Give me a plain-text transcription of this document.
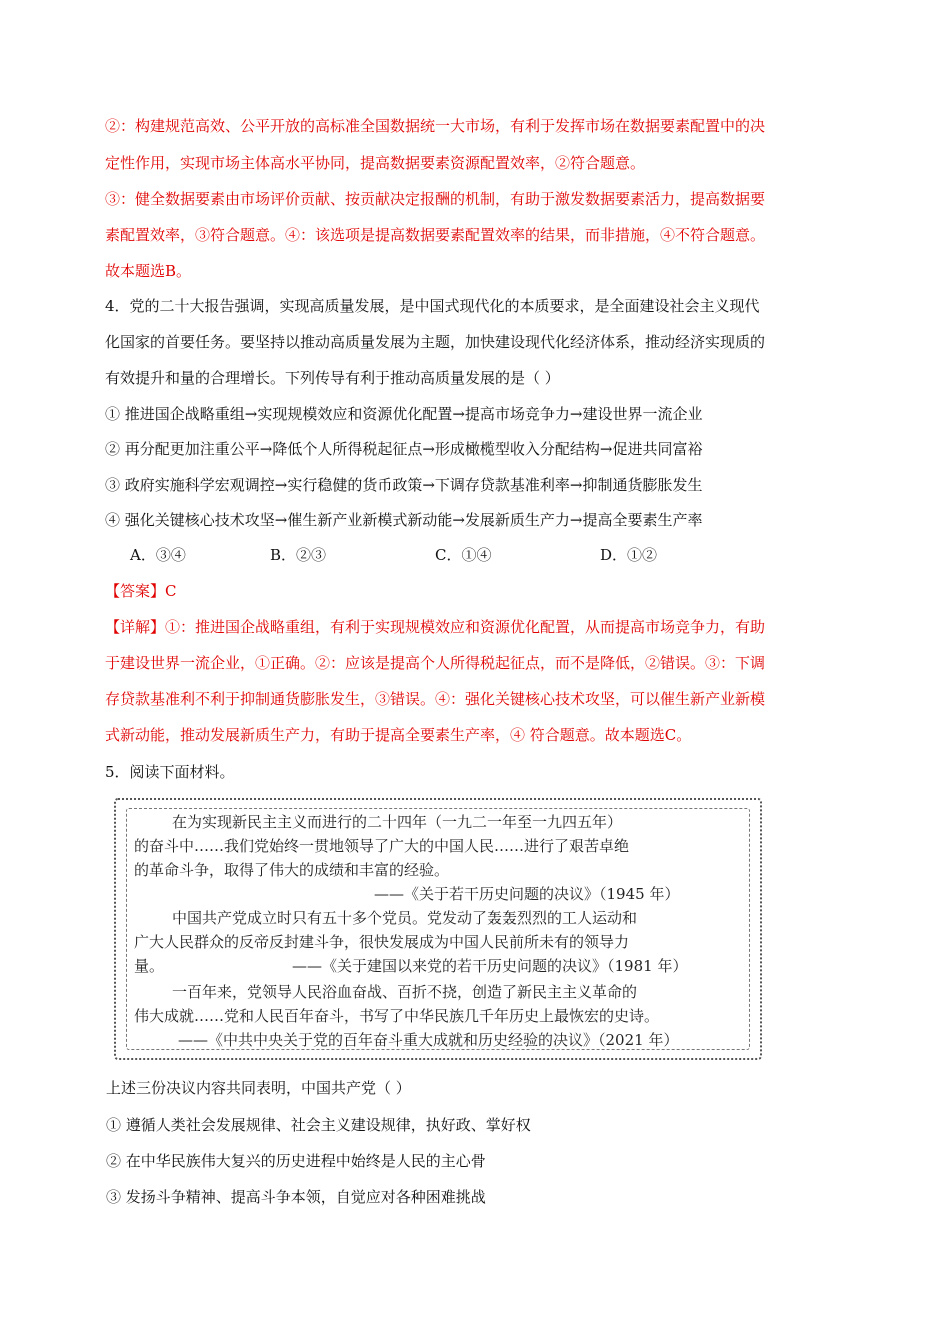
②：构建规范高效、公平开放的高标准全国数据统一大市场，有利于发挥市场在数据要素配置中的决
定性作用，实现市场主体高水平协同，提高数据要素资源配置效率，②符合题意。
③：健全数据要素由市场评价贡献、按贡献决定报酬的机制，有助于激发数据要素活力，提高数据要
素配置效率，③符合题意。④：该选项是提高数据要素配置效率的结果，而非措施，④不符合题意。
故本题选B。
4．党的二十大报告强调，实现高质量发展，是中国式现代化的本质要求，是全面建设社会主义现代
化国家的首要任务。要坚持以推动高质量发展为主题，加快建设现代化经济体系，推动经济实现质的
有效提升和量的合理增长。下列传导有利于推动高质量发展的是（ ）
① 推进国企战略重组→实现规模效应和资源优化配置→提高市场竞争力→建设世界一流企业
② 再分配更加注重公平→降低个人所得税起征点→形成橄榄型收入分配结构→促进共同富裕
③ 政府实施科学宏观调控→实行稳健的货币政策→下调存贷款基准利率→抑制通货膨胀发生
④ 强化关键核心技术攻坚→催生新产业新模式新动能→发展新质生产力→提高全要素生产率
A．③④	B．②③	C．①④	D．①②
【答案】C
【详解】①：推进国企战略重组，有利于实现规模效应和资源优化配置，从而提高市场竞争力，有助
于建设世界一流企业，①正确。②：应该是提高个人所得税起征点，而不是降低，②错误。③：下调
存贷款基准利不利于抑制通货膨胀发生，③错误。④：强化关键核心技术攻坚，可以催生新产业新模
式新动能，推动发展新质生产力，有助于提高全要素生产率，④ 符合题意。故本题选C。
5．阅读下面材料。
在为实现新民主主义而进行的二十四年（一九二一年至一九四五年）
的奋斗中……我们党始终一贯地领导了广大的中国人民……进行了艰苦卓绝
的革命斗争，取得了伟大的成绩和丰富的经验。
——《关于若干历史问题的决议》（1945 年）
中国共产党成立时只有五十多个党员。党发动了轰轰烈烈的工人运动和
广大人民群众的反帝反封建斗争，很快发展成为中国人民前所未有的领导力
量。	——《关于建国以来党的若干历史问题的决议》（1981 年）
一百年来，党领导人民浴血奋战、百折不挠，创造了新民主主义革命的
伟大成就……党和人民百年奋斗，书写了中华民族几千年历史上最恢宏的史诗。
——《中共中央关于党的百年奋斗重大成就和历史经验的决议》（2021 年）
上述三份决议内容共同表明，中国共产党（ ）
① 遵循人类社会发展规律、社会主义建设规律，执好政、掌好权
② 在中华民族伟大复兴的历史进程中始终是人民的主心骨
③ 发扬斗争精神、提高斗争本领，自觉应对各种困难挑战
